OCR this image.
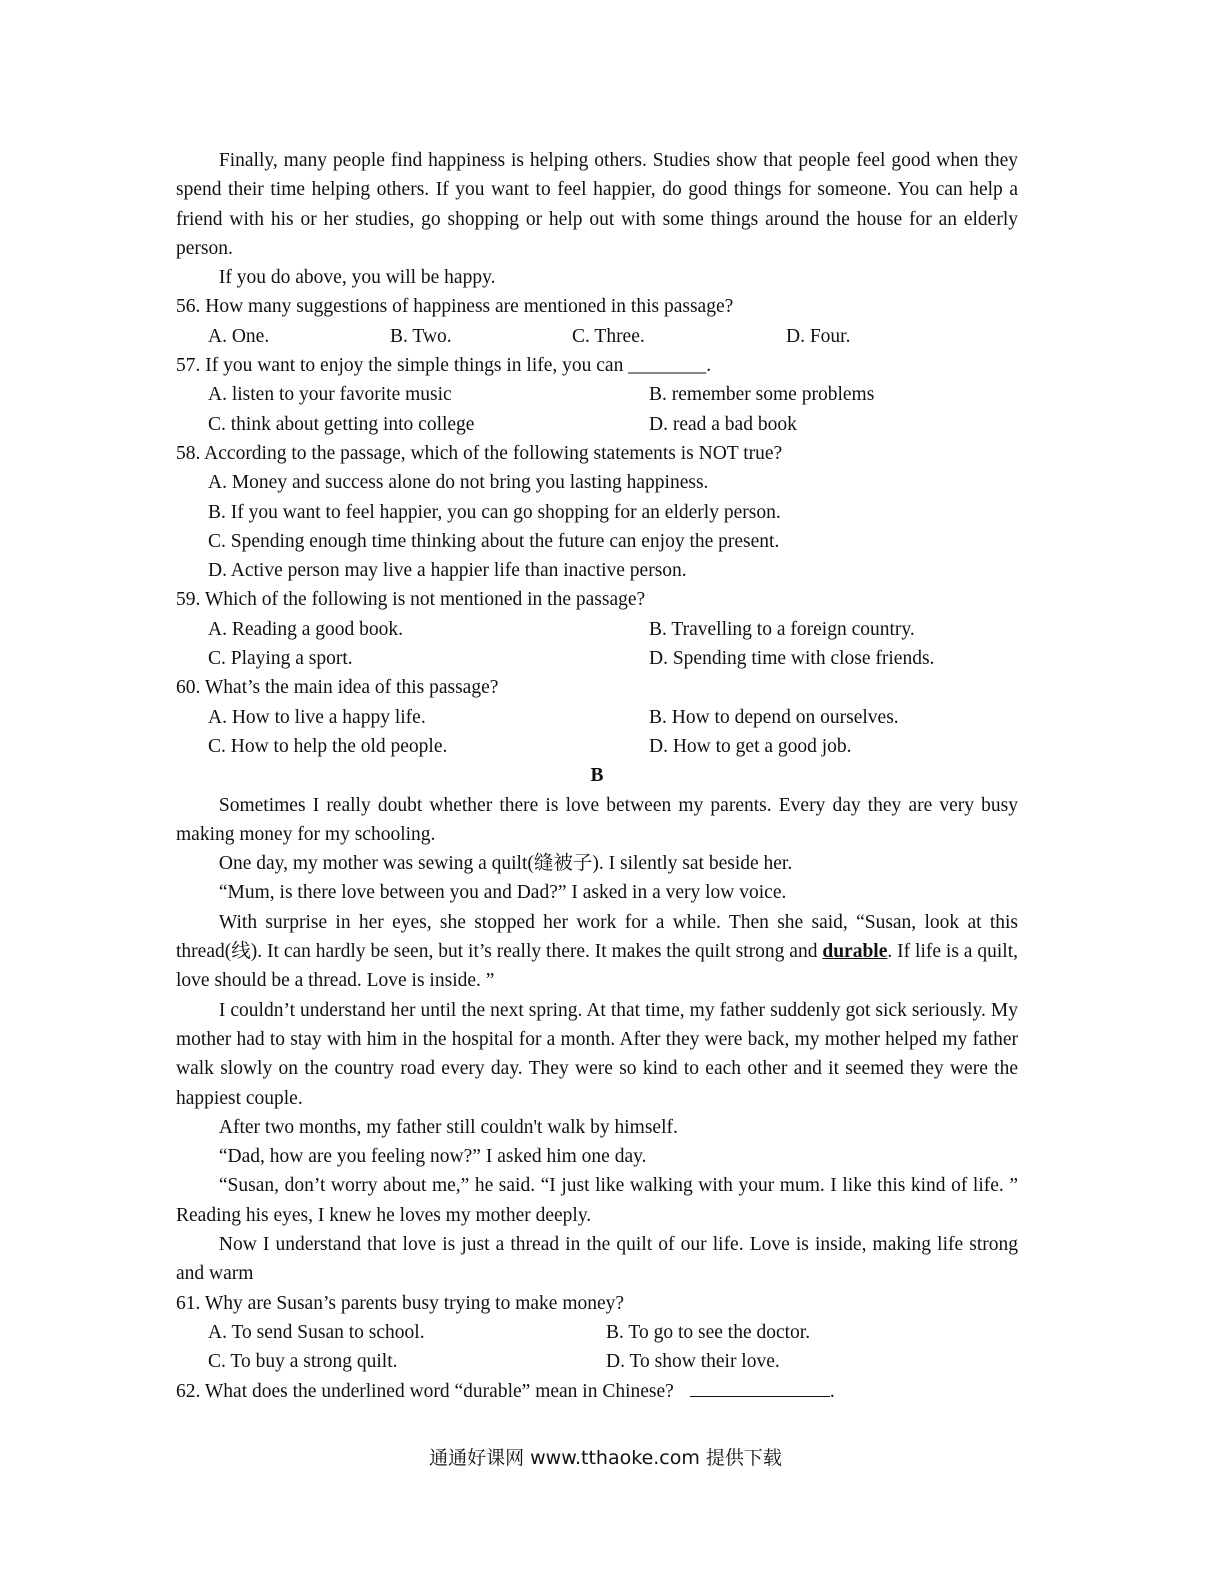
Finally, many people find happiness is helping others. Studies show that people feel good when they spend their time helping others. If you want to feel happier, do good things for someone. You can help a friend with his or her studies, go shopping or help out with some things around the house for an elderly person.

If you do above, you will be happy.

56. How many suggestions of happiness are mentioned in this passage?

A. One.	B. Two.	C. Three.	D. Four.

57. If you want to enjoy the simple things in life, you can ________.

A. listen to your favorite music	B. remember some problems
C. think about getting into college	D. read a bad book

58. According to the passage, which of the following statements is NOT true?

A. Money and success alone do not bring you lasting happiness.
B. If you want to feel happier, you can go shopping for an elderly person.
C. Spending enough time thinking about the future can enjoy the present.
D. Active person may live a happier life than inactive person.

59. Which of the following is not mentioned in the passage?

A. Reading a good book.	B. Travelling to a foreign country.
C. Playing a sport.	D. Spending time with close friends.

60. What’s the main idea of this passage?

A. How to live a happy life.	B. How to depend on ourselves.
C. How to help the old people.	D. How to get a good job.

B

Sometimes I really doubt whether there is love between my parents. Every day they are very busy making money for my schooling.

One day, my mother was sewing a quilt(缝被子). I silently sat beside her.

“Mum, is there love between you and Dad?” I asked in a very low voice.

With surprise in her eyes, she stopped her work for a while. Then she said, “Susan, look at this thread(线). It can hardly be seen, but it’s really there. It makes the quilt strong and durable. If life is a quilt, love should be a thread. Love is inside. ”

I couldn’t understand her until the next spring. At that time, my father suddenly got sick seriously. My mother had to stay with him in the hospital for a month. After they were back, my mother helped my father walk slowly on the country road every day. They were so kind to each other and it seemed they were the happiest couple.

After two months, my father still couldn't walk by himself.

“Dad, how are you feeling now?” I asked him one day.

“Susan, don’t worry about me,” he said. “I just like walking with your mum. I like this kind of life. ” Reading his eyes, I knew he loves my mother deeply.

Now I understand that love is just a thread in the quilt of our life. Love is inside, making life strong and warm

61. Why are Susan’s parents busy trying to make money?

A. To send Susan to school.	B. To go to see the doctor.
C. To buy a strong quilt.	D. To show their love.

62. What does the underlined word “durable” mean in Chinese?	.

通通好课网 www.tthaoke.com 提供下载
